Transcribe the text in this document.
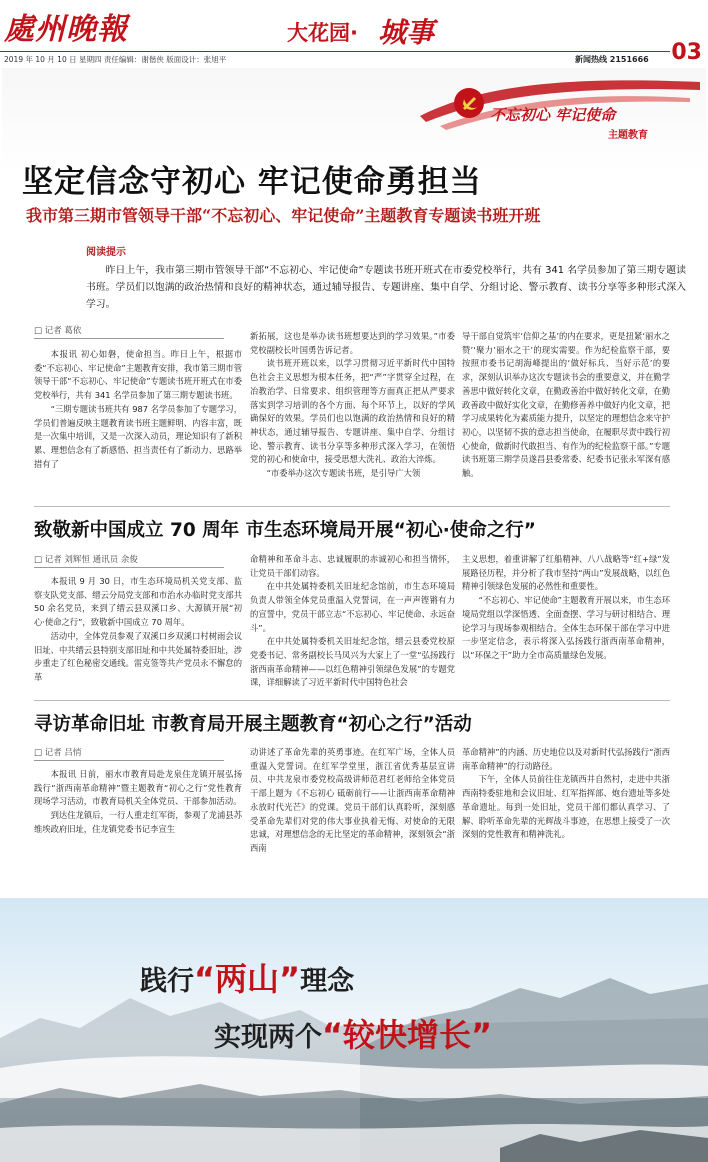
處州晚報	大花园· 城事
03
2019 年 10 月 10 日 星期四 责任编辑：谢偕侠 版面设计：张旭平	新闻热线 2151666
不忘初心 牢记使命
主题教育
坚定信念守初心 牢记使命勇担当
我市第三期市管领导干部“不忘初心、牢记使命”主题教育专题读书班开班
阅读提示
昨日上午，我市第三期市管领导干部“不忘初心、牢记使命”专题读书班开班式在市委党校举行，共有 341 名学员参加了第三期专题读书班。学员们以饱满的政治热情和良好的精神状态，通过辅导报告、专题讲座、集中自学、分组讨论、警示教育、读书分享等多种形式深入学习。
□ 记者 葛依

本报讯 初心如磐，使命担当。昨日上午，根据市委“不忘初心、牢记使命”主题教育安排，我市第三期市管领导干部“不忘初心、牢记使命”专题读书班开班式在市委党校举行，共有 341 名学员参加了第三期专题读书班。

“三期专题读书班共有 987 名学员参加了专题学习，学员们普遍反映主题教育读书班主题鲜明、内容丰富，既是一次集中培训，又是一次深入动员，理论知识有了新积累、理想信念有了新感悟、担当责任有了新动力、思路举措有了

新拓展，这也是举办读书班想要达到的学习效果。”市委党校副校长叶国勇告诉记者。

读书班开班以来，以学习贯彻习近平新时代中国特色社会主义思想为根本任务，把“严”字贯穿全过程，在冶教治学、日常要求、组织管理等方面真正把从严要求落实到学习培训的各个方面、每个环节上，以好的学风确保好的效果。学员们也以饱满的政治热情和良好的精神状态，通过辅导报告、专题讲座、集中自学、分组讨论、警示教育、读书分享等多种形式深入学习，在领悟党的初心和使命中，接受思想大洗礼、政治大淬炼。

“市委举办这次专题读书班，是引导广大领

导干部自觉筑牢‘信仰之基’的内在要求，更是扭紧‘丽水之赞’‘聚力’丽水之干’的现实需要。作为纪检监察干部，要按照市委书记胡海峰提出的‘做好标兵、当好示范’的要求，深刻认识举办这次专题读书会的重要意义，并在勤学善思中做好转化文章，在勤政善治中做好转化文章，在勤政善政中做好实化文章，在勤修善养中做好内化文章，把学习成果转化为素质能力提升，以坚定的理想信念来守护初心，以坚韧不拔的意志担当使命，在履职尽责中践行初心使命，做新时代敢担当、有作为的纪检监察干部。”专题读书班第三期学员遂昌县委常委、纪委书记张永军深有感触。

致敬新中国成立 70 周年 市生态环境局开展“初心·使命之行”
□ 记者 刘辉恒 通讯员 余俊

本报讯 9 月 30 日，市生态环境局机关党支部、监察支队党支部、缙云分局党支部和市治水办临时党支部共 50 余名党员，来到了缙云县双溪口乡、大源镇开展“初心·使命之行”，致敬新中国成立 70 周年。

活动中，全体党员参观了双溪口乡双溪口村树雨会议旧址、中共缙云县特别支部旧址和中共处属特委旧址，涉步重走了红色秘密交通线。雷克签等共产党员永不懈怠的革

命精神和革命斗志、忠诚履职的赤诚初心和担当情怀，让党员干部们动容。

在中共处属特委机关旧址纪念馆前，市生态环境局负责人带领全体党员重温入党誓词，在一声声铿锵有力的宣誓中，党员干部立志“不忘初心、牢记使命、永远奋斗”。

在中共处属特委机关旧址纪念馆，缙云县委党校原党委书记、常务副校长马凤兴为大家上了一堂“弘扬践行浙西南革命精神——以红色精神引领绿色发展”的专题党课，详细解读了习近平新时代中国特色社会

主义思想，着重讲解了红船精神、八八战略等“红+绿”发展路径历程，并分析了我市坚持“两山”发展战略，以红色精神引领绿色发展的必然性和重要性。

“不忘初心、牢记使命”主题教育开展以来，市生态环境局党组以学深悟透、全面查摆、学习与研讨相结合、理论学习与现场参观相结合。全体生态环保干部在学习中进一步坚定信念，表示将深入弘扬践行浙西南革命精神，以“环保之干”助力全市高质量绿色发展。

寻访革命旧址 市教育局开展主题教育“初心之行”活动
□ 记者 吕悄

本报讯 日前，丽水市教育局赴龙泉住龙镇开展弘扬践行“浙西南革命精神”暨主题教育“初心之行”党性教育现场学习活动，市教育局机关全体党员、干部参加活动。

到达住龙镇后，一行人重走红军街，参观了龙浦县苏维埃政府旧址，住龙镇党委书记李宣生

动讲述了革命先辈的英勇事迹。在红军广场，全体人员重温入党誓词。在红军学堂里，浙江省优秀基层宣讲员、中共龙泉市委党校高级讲师范君红老师给全体党员干部上题为《不忘初心 砥砺前行——让浙西南革命精神永放时代光芒》的党课。党员干部们认真聆听，深刻感受革命先辈们对党的伟大事业执着无悔、对使命的无限忠诚，对理想信念的无比坚定的革命精神，深刻领会“浙西南

革命精神”的内涵、历史地位以及对新时代弘扬践行“浙西南革命精神”的行动路径。

下午，全体人员前往住龙镇西井自然村，走进中共浙西南特委驻地和会议旧址、红军指挥部、炮台遗址等多处革命遗址。每到一处旧址，党员干部们都认真学习、了解、聆听革命先辈的光辉战斗事迹，在思想上接受了一次深刻的党性教育和精神洗礼。

践行“两山”理念
实现两个“较快增长”
